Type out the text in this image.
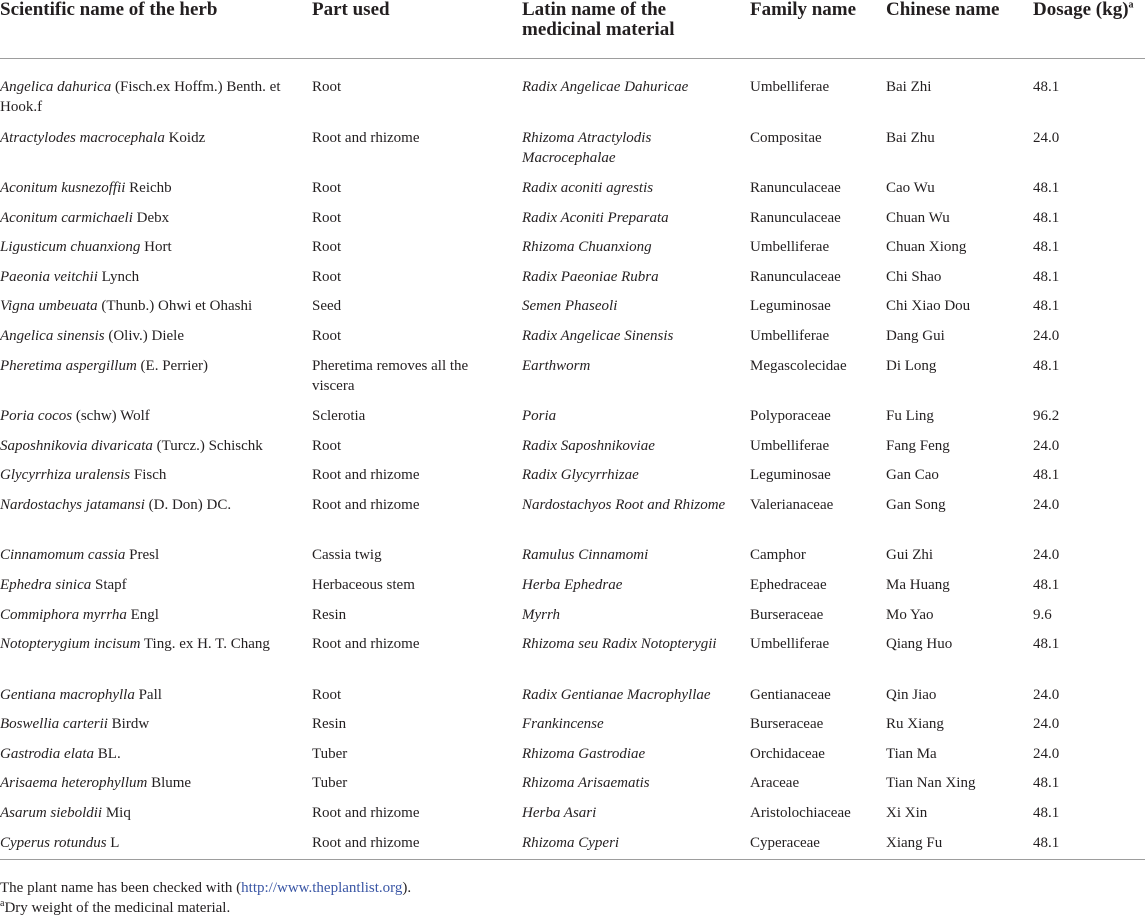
Scientific name of the herb	Part used	Latin name of the medicinal material	Family name	Chinese name	Dosage (kg)$^a$

Angelica dahurica (Fisch.ex Hoffm.) Benth. et Hook.f	Root	Radix Angelicae Dahuricae	Umbelliferae	Bai Zhi	48.1
Atractylodes macrocephala Koidz	Root and rhizome	Rhizoma Atractylodis Macrocephalae	Compositae	Bai Zhu	24.0
Aconitum kusnezoffii Reichb	Root	Radix aconiti agrestis	Ranunculaceae	Cao Wu	48.1
Aconitum carmichaeli Debx	Root	Radix Aconiti Preparata	Ranunculaceae	Chuan Wu	48.1
Ligusticum chuanxiong Hort	Root	Rhizoma Chuanxiong	Umbelliferae	Chuan Xiong	48.1
Paeonia veitchii Lynch	Root	Radix Paeoniae Rubra	Ranunculaceae	Chi Shao	48.1
Vigna umbeuata (Thunb.) Ohwi et Ohashi	Seed	Semen Phaseoli	Leguminosae	Chi Xiao Dou	48.1
Angelica sinensis (Oliv.) Diele	Root	Radix Angelicae Sinensis	Umbelliferae	Dang Gui	24.0
Pheretima aspergillum (E. Perrier)	Pheretima removes all the viscera	Earthworm	Megascolecidae	Di Long	48.1
Poria cocos (schw) Wolf	Sclerotia	Poria	Polyporaceae	Fu Ling	96.2
Saposhnikovia divaricata (Turcz.) Schischk	Root	Radix Saposhnikoviae	Umbelliferae	Fang Feng	24.0
Glycyrrhiza uralensis Fisch	Root and rhizome	Radix Glycyrrhizae	Leguminosae	Gan Cao	48.1
Nardostachys jatamansi (D. Don) DC.	Root and rhizome	Nardostachyos Root and Rhizome	Valerianaceae	Gan Song	24.0
Cinnamomum cassia Presl	Cassia twig	Ramulus Cinnamomi	Camphor	Gui Zhi	24.0
Ephedra sinica Stapf	Herbaceous stem	Herba Ephedrae	Ephedraceae	Ma Huang	48.1
Commiphora myrrha Engl	Resin	Myrrh	Burseraceae	Mo Yao	9.6
Notopterygium incisum Ting. ex H. T. Chang	Root and rhizome	Rhizoma seu Radix Notopterygii	Umbelliferae	Qiang Huo	48.1
Gentiana macrophylla Pall	Root	Radix Gentianae Macrophyllae	Gentianaceae	Qin Jiao	24.0
Boswellia carterii Birdw	Resin	Frankincense	Burseraceae	Ru Xiang	24.0
Gastrodia elata BL.	Tuber	Rhizoma Gastrodiae	Orchidaceae	Tian Ma	24.0
Arisaema heterophyllum Blume	Tuber	Rhizoma Arisaematis	Araceae	Tian Nan Xing	48.1
Asarum sieboldii Miq	Root and rhizome	Herba Asari	Aristolochiaceae	Xi Xin	48.1
Cyperus rotundus L	Root and rhizome	Rhizoma Cyperi	Cyperaceae	Xiang Fu	48.1
The plant name has been checked with (http://www.theplantlist.org).
$^a$Dry weight of the medicinal material.
